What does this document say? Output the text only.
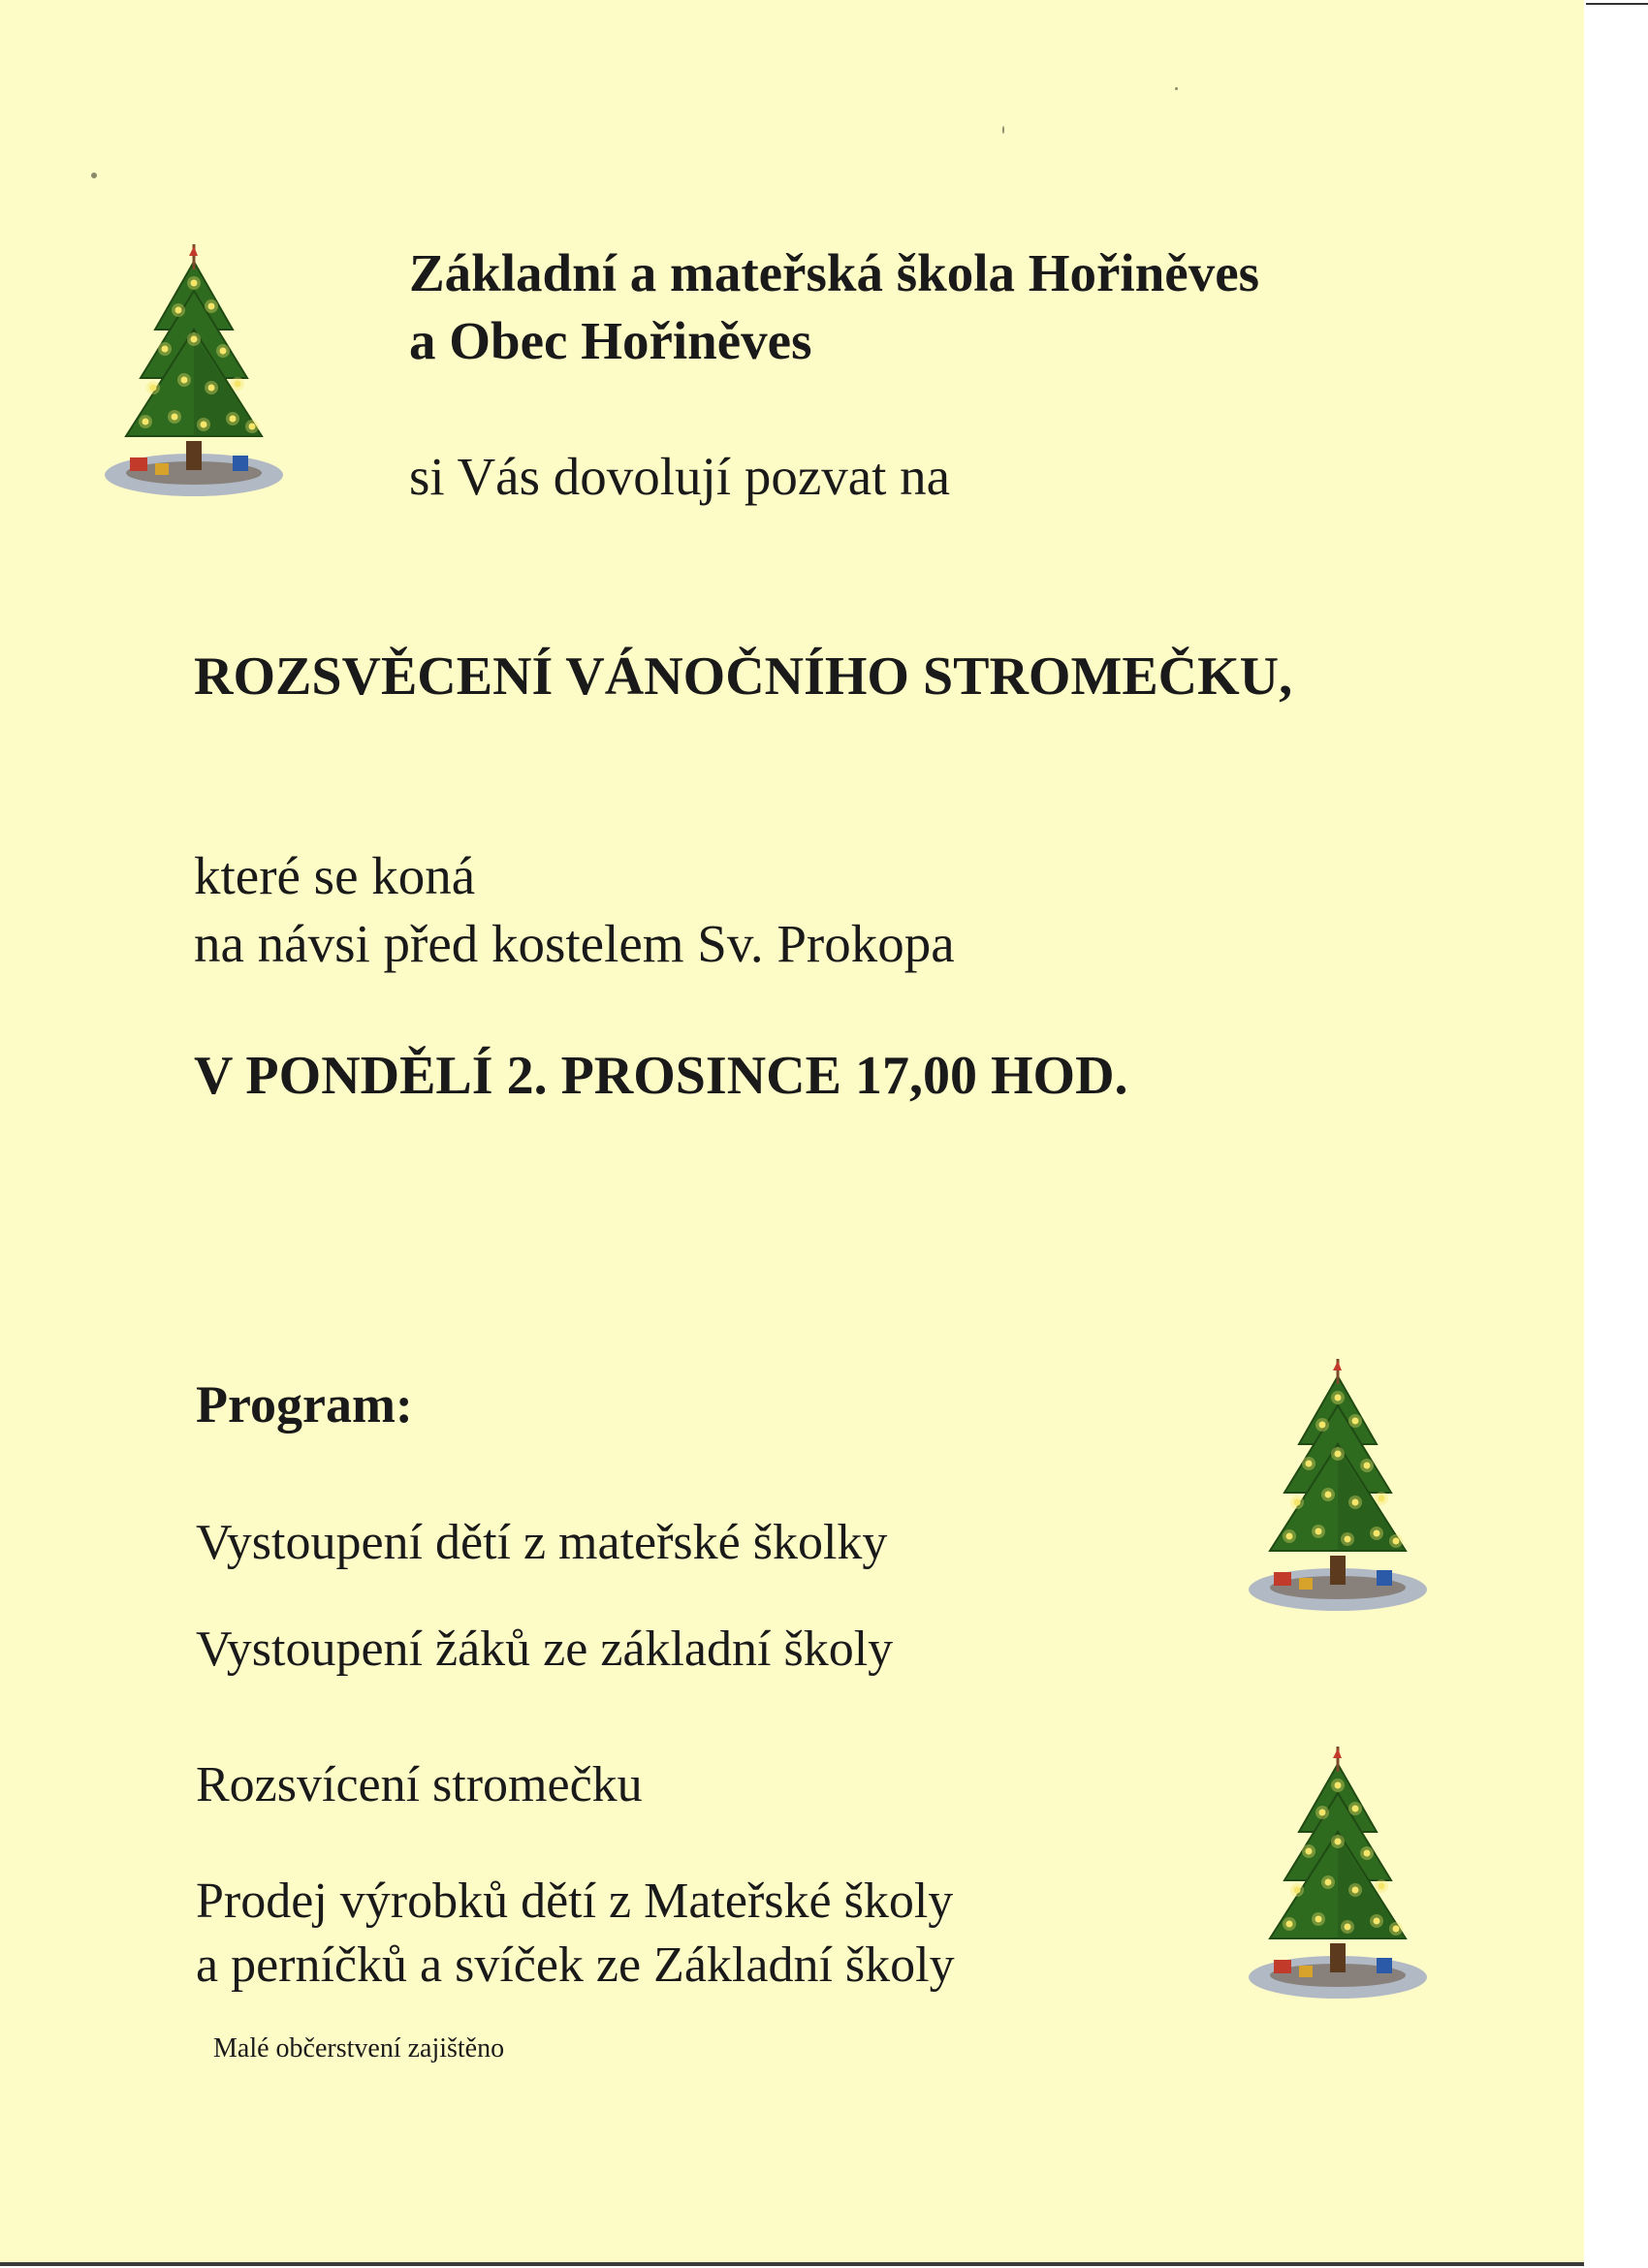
Základní a mateřská škola Hořiněves
a Obec Hořiněves
si Vás dovolují pozvat na
ROZSVĚCENÍ VÁNOČNÍHO STROMEČKU,
které se koná
na návsi před kostelem Sv. Prokopa
V PONDĚLÍ 2. PROSINCE 17,00 HOD.
Program:
Vystoupení dětí z mateřské školky
Vystoupení žáků ze základní školy
Rozsvícení stromečku
Prodej výrobků dětí z Mateřské školy
a perníčků a svíček ze Základní školy
Malé občerstvení zajištěno
